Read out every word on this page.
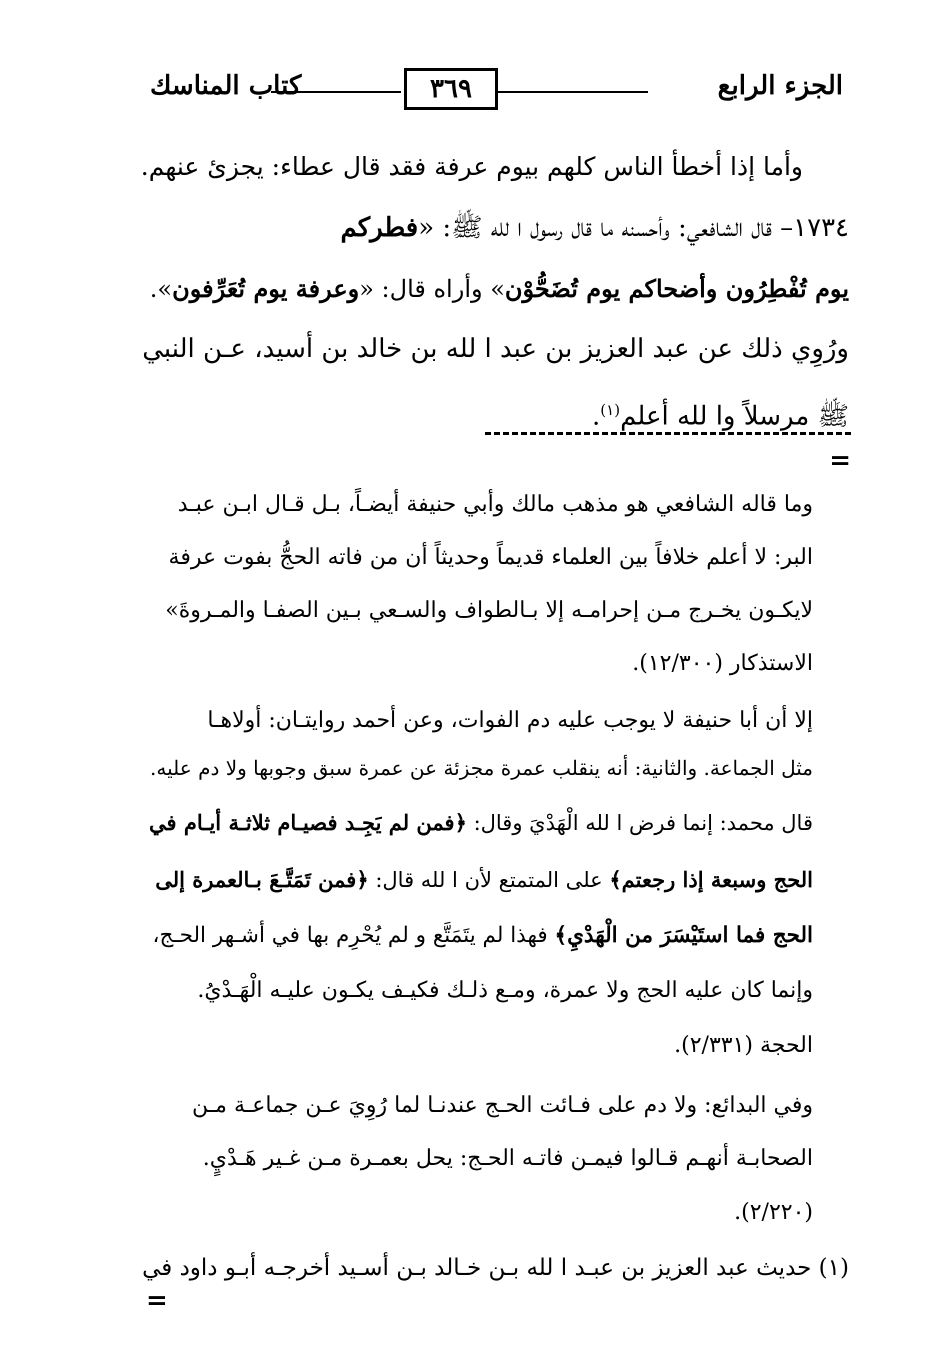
الجزء الرابع
٣٦٩
كتاب المناسك
وأما إذا أخطأ الناس كلهم بيوم عرفة فقد قال عطاء: يجزئ عنهم.
١٧٣٤– قال الشافعي: وأحسنه ما قال رسول ا لله ﷺ: «فطركم
يوم تُفْطِرُون وأضحاكم يوم تُضَحُّوْن» وأراه قال: «وعرفة يوم تُعَرِّفون».
ورُوِي ذلك عن عبد العزيز بن عبد ا لله بن خالد بن أسيد، عـن النبي
ﷺ مرسلاً وا لله أعلم$^{(١)}$.
=
وما قاله الشافعي هو مذهب مالك وأبي حنيفة أيضـاً، بـل قـال ابـن عبـد
البر: لا أعلم خلافاً بين العلماء قديماً وحديثاً أن من فاته الحجُّ بفوت عرفة
لايكـون يخـرج مـن إحرامـه إلا بـالطواف والسـعي بـين الصفـا والمـروةَ»
الاستذكار (١٢/٣٠٠).
إلا أن أبا حنيفة لا يوجب عليه دم الفوات، وعن أحمد روايتـان: أولاهـا
مثل الجماعة. والثانية: أنه ينقلب عمرة مجزئة عن عمرة سبق وجوبها ولا دم عليه.
قال محمد: إنما فرض ا لله الْهَدْيَ وقال: ﴿فمن لم يَجِـد فصيـام ثلاثـة أيـام في
الحج وسبعة إذا رجعتم﴾ على المتمتع لأن ا لله قال: ﴿فمن تَمَتَّـعَ بـالعمرة إلى
الحج فما استَيْسَرَ من الْهَدْيِ﴾ فهذا لم يتَمَتَّع و لم يُحْرِم بها في أشـهر الحـج،
وإنما كان عليه الحج ولا عمرة، ومـع ذلـك فكيـف يكـون عليـه الْهَـدْيُ.
الحجة (٢/٣٣١).
وفي البدائع: ولا دم على فـائت الحـج عندنـا لما رُوِيَ عـن جماعـة مـن
الصحابـة أنهـم قـالوا فيمـن فاتـه الحـج: يحل بعمـرة مـن غـير هَـدْيٍ.
(٢/٢٢٠).
(١) حديث عبد العزيز بن عبـد ا لله بـن خـالد بـن أسـيد أخرجـه أبـو داود في
=
